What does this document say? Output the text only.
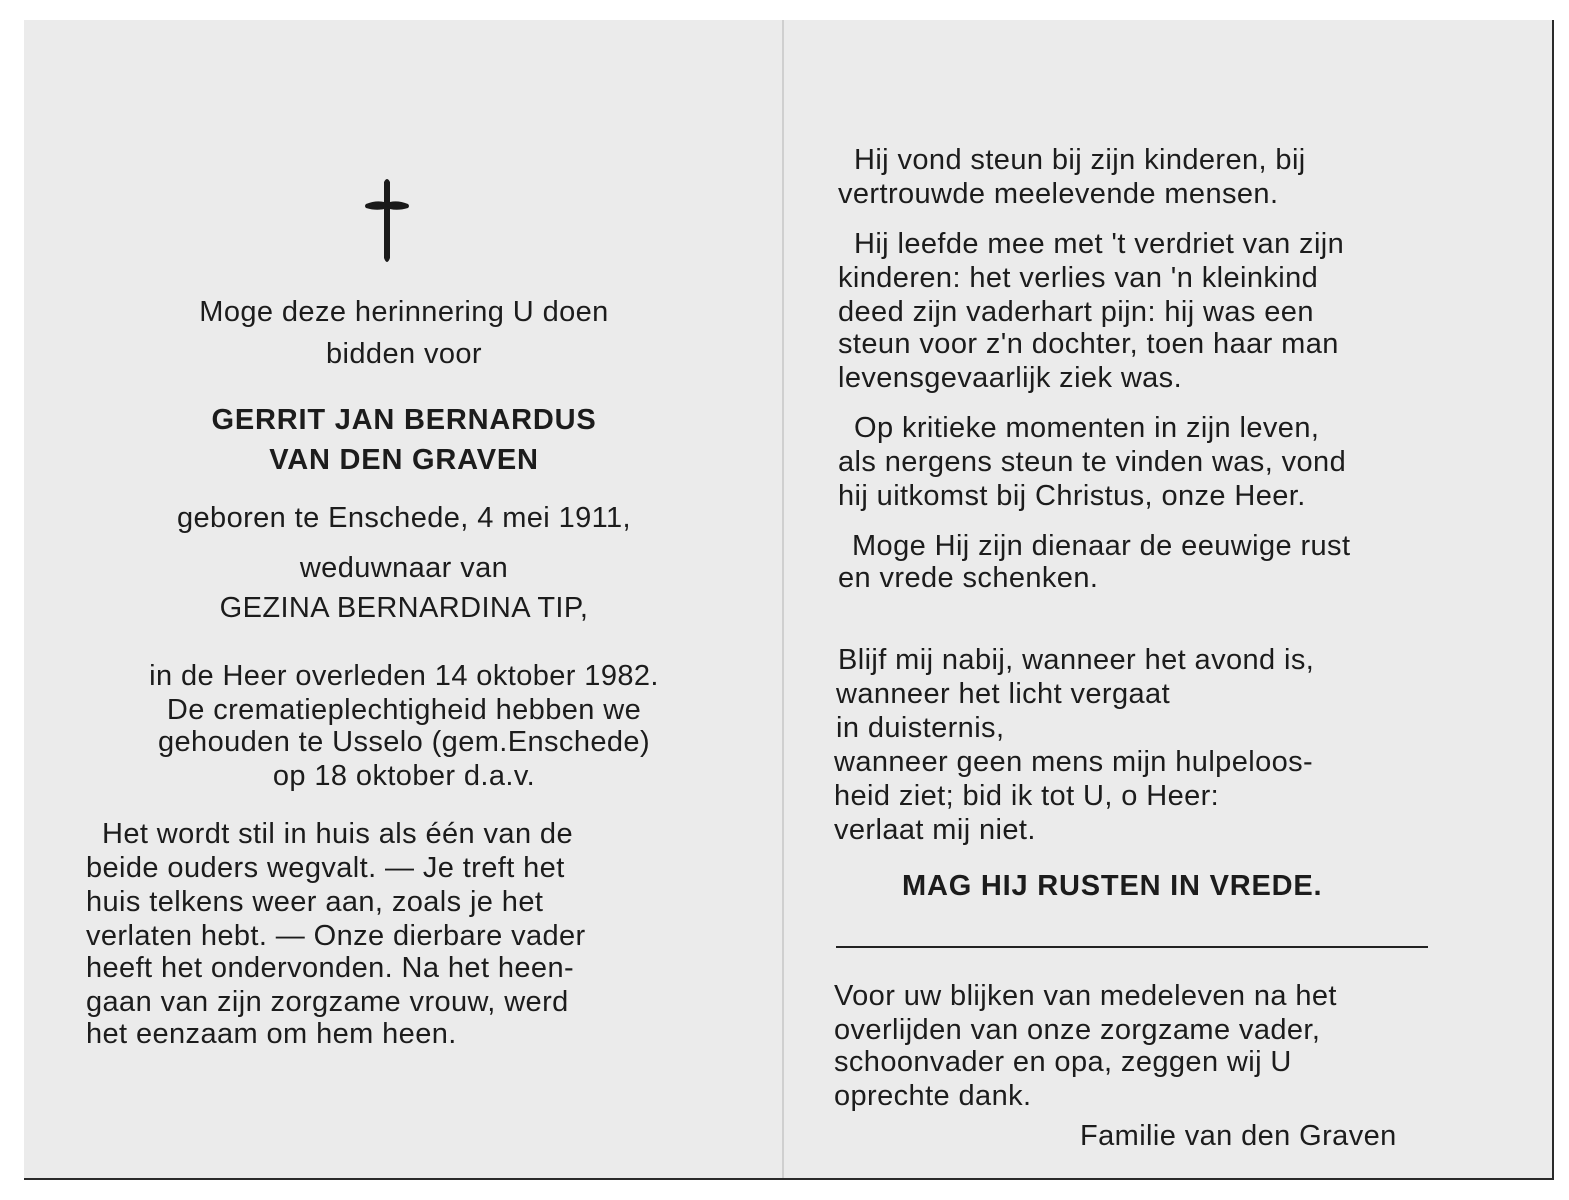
Moge deze herinnering U doen
bidden voor
GERRIT JAN BERNARDUS
VAN DEN GRAVEN
geboren te Enschede, 4 mei 1911,
weduwnaar van
GEZINA BERNARDINA TIP,
in de Heer overleden 14 oktober 1982.
De crematieplechtigheid hebben we
gehouden te Usselo (gem.Enschede)
op 18 oktober d.a.v.
Het wordt stil in huis als één van de
beide ouders wegvalt. — Je treft het
huis telkens weer aan, zoals je het
verlaten hebt. — Onze dierbare vader
heeft het ondervonden. Na het heen-
gaan van zijn zorgzame vrouw, werd
het eenzaam om hem heen.
Hij vond steun bij zijn kinderen, bij
vertrouwde meelevende mensen.
Hij leefde mee met 't verdriet van zijn
kinderen: het verlies van 'n kleinkind
deed zijn vaderhart pijn: hij was een
steun voor z'n dochter, toen haar man
levensgevaarlijk ziek was.
Op kritieke momenten in zijn leven,
als nergens steun te vinden was, vond
hij uitkomst bij Christus, onze Heer.
Moge Hij zijn dienaar de eeuwige rust
en vrede schenken.
Blijf mij nabij, wanneer het avond is,
wanneer het licht vergaat
in duisternis,
wanneer geen mens mijn hulpeloos-
heid ziet; bid ik tot U, o Heer:
verlaat mij niet.
MAG HIJ RUSTEN IN VREDE.
Voor uw blijken van medeleven na het
overlijden van onze zorgzame vader,
schoonvader en opa, zeggen wij U
oprechte dank.
Familie van den Graven
